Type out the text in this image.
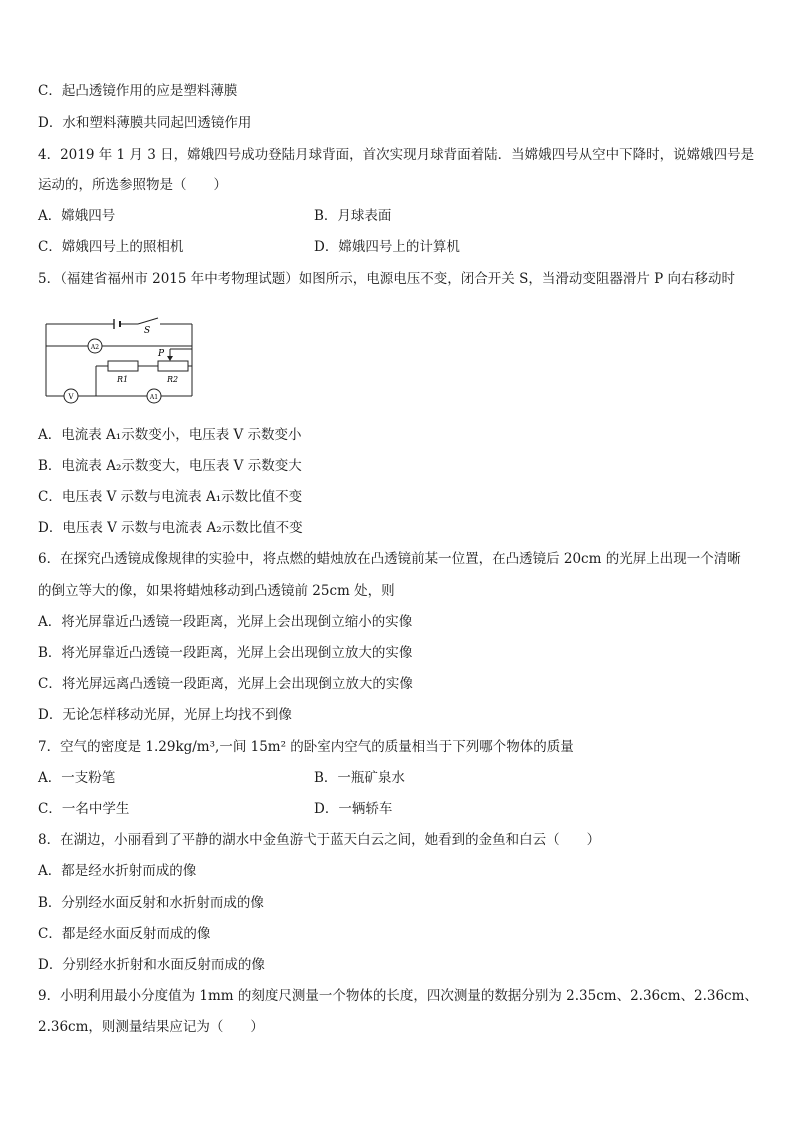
C．起凸透镜作用的应是塑料薄膜
D．水和塑料薄膜共同起凹透镜作用
4．2019 年 1 月 3 日，嫦娥四号成功登陆月球背面，首次实现月球背面着陆．当嫦娥四号从空中下降时，说嫦娥四号是
运动的，所选参照物是（　　）
A．嫦娥四号	B．月球表面
C．嫦娥四号上的照相机	D．嫦娥四号上的计算机
5．（福建省福州市 2015 年中考物理试题）如图所示，电源电压不变，闭合开关 S，当滑动变阻器滑片 P 向右移动时
S
P
R1	R2
V	A1
A2
A．电流表 A₁示数变小，电压表 V 示数变小
B．电流表 A₂示数变大，电压表 V 示数变大
C．电压表 V 示数与电流表 A₁示数比值不变
D．电压表 V 示数与电流表 A₂示数比值不变
6．在探究凸透镜成像规律的实验中，将点燃的蜡烛放在凸透镜前某一位置，在凸透镜后 20cm 的光屏上出现一个清晰
的倒立等大的像，如果将蜡烛移动到凸透镜前 25cm 处，则
A．将光屏靠近凸透镜一段距离，光屏上会出现倒立缩小的实像
B．将光屏靠近凸透镜一段距离，光屏上会出现倒立放大的实像
C．将光屏远离凸透镜一段距离，光屏上会出现倒立放大的实像
D．无论怎样移动光屏，光屏上均找不到像
7．空气的密度是 1.29kg/m³,一间 15m² 的卧室内空气的质量相当于下列哪个物体的质量
A．一支粉笔	B．一瓶矿泉水
C．一名中学生	D．一辆轿车
8．在湖边，小丽看到了平静的湖水中金鱼游弋于蓝天白云之间，她看到的金鱼和白云（　　）
A．都是经水折射而成的像
B．分别经水面反射和水折射而成的像
C．都是经水面反射而成的像
D．分别经水折射和水面反射而成的像
9．小明利用最小分度值为 1mm 的刻度尺测量一个物体的长度，四次测量的数据分别为 2.35cm、2.36cm、2.36cm、
2.36cm，则测量结果应记为（　　）
